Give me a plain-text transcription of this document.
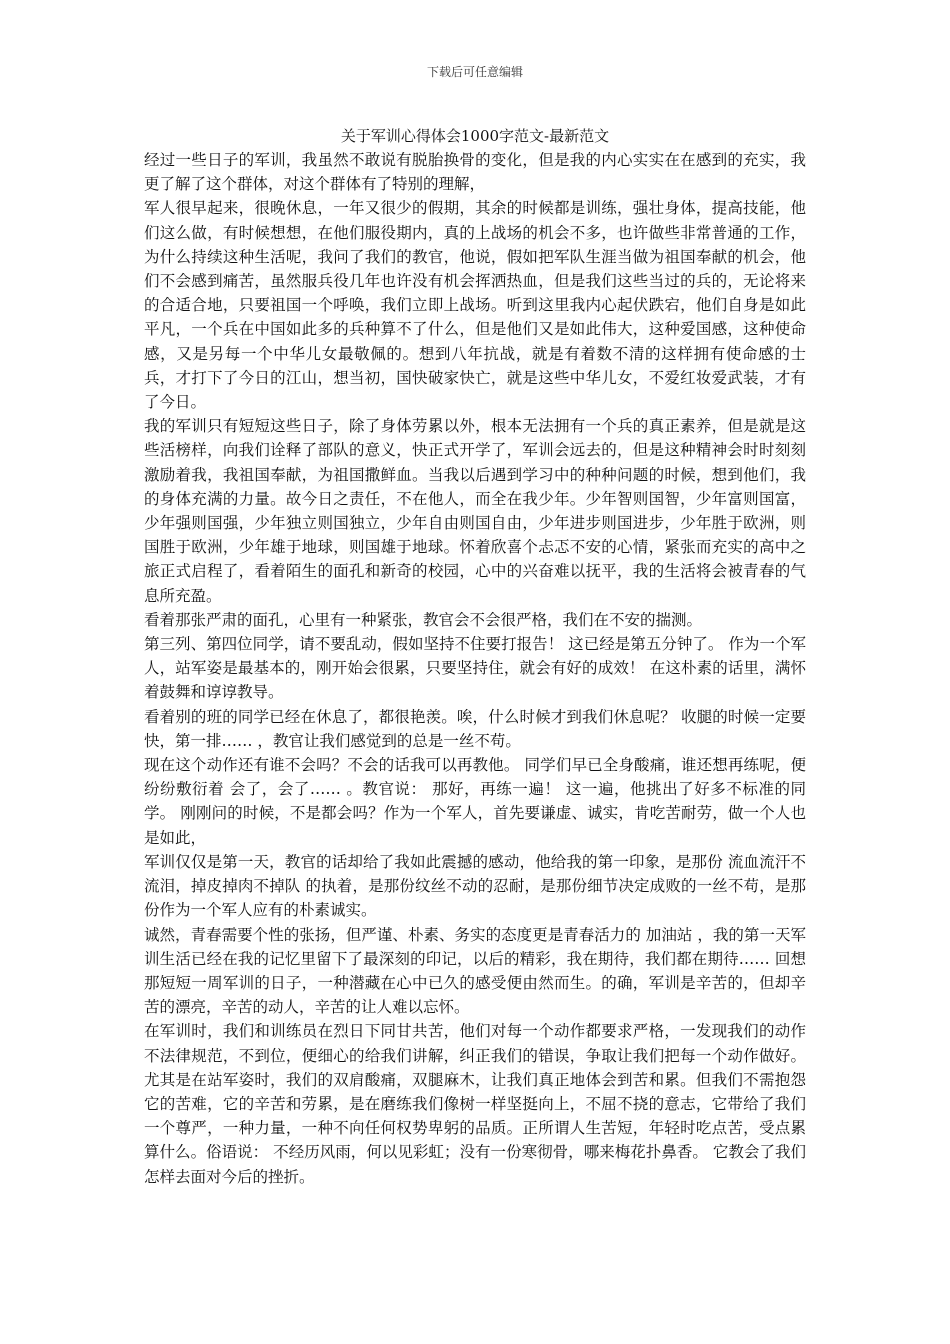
下载后可任意编辑
关于军训心得体会1000字范文-最新范文

经过一些日子的军训，我虽然不敢说有脱胎换骨的变化，但是我的内心实实在在感到的充实，我更了解了这个群体，对这个群体有了特别的理解，

军人很早起来，很晚休息，一年又很少的假期，其余的时候都是训练，强壮身体，提高技能，他们这么做，有时候想想，在他们服役期内，真的上战场的机会不多，也许做些非常普通的工作，为什么持续这种生活呢，我问了我们的教官，他说，假如把军队生涯当做为祖国奉献的机会，他们不会感到痛苦，虽然服兵役几年也许没有机会挥洒热血，但是我们这些当过的兵的，无论将来的合适合地，只要祖国一个呼唤，我们立即上战场。听到这里我内心起伏跌宕，他们自身是如此平凡，一个兵在中国如此多的兵种算不了什么，但是他们又是如此伟大，这种爱国感，这种使命感，又是另每一个中华儿女最敬佩的。想到八年抗战，就是有着数不清的这样拥有使命感的士兵，才打下了今日的江山，想当初，国快破家快亡，就是这些中华儿女，不爱红妆爱武装，才有了今日。

我的军训只有短短这些日子，除了身体劳累以外，根本无法拥有一个兵的真正素养，但是就是这些活榜样，向我们诠释了部队的意义，快正式开学了，军训会远去的，但是这种精神会时时刻刻激励着我，我祖国奉献，为祖国撒鲜血。当我以后遇到学习中的种种问题的时候，想到他们，我的身体充满的力量。故今日之责任，不在他人，而全在我少年。少年智则国智，少年富则国富，少年强则国强，少年独立则国独立，少年自由则国自由，少年进步则国进步，少年胜于欧洲，则国胜于欧洲，少年雄于地球，则国雄于地球。怀着欣喜个忐忑不安的心情，紧张而充实的高中之旅正式启程了，看着陌生的面孔和新奇的校园，心中的兴奋难以抚平，我的生活将会被青春的气息所充盈。

看着那张严肃的面孔，心里有一种紧张，教官会不会很严格，我们在不安的揣测。

第三列、第四位同学，请不要乱动，假如坚持不住要打报告！ 这已经是第五分钟了。 作为一个军人，站军姿是最基本的，刚开始会很累，只要坚持住，就会有好的成效！ 在这朴素的话里，满怀着鼓舞和谆谆教导。

看着别的班的同学已经在休息了，都很艳羡。唉，什么时候才到我们休息呢？ 收腿的时候一定要快，第一排…… ，教官让我们感觉到的总是一丝不苟。

现在这个动作还有谁不会吗？不会的话我可以再教他。 同学们早已全身酸痛，谁还想再练呢，便纷纷敷衍着 会了，会了…… 。教官说： 那好，再练一遍！ 这一遍，他挑出了好多不标准的同学。 刚刚问的时候，不是都会吗？作为一个军人，首先要谦虚、诚实，肯吃苦耐劳，做一个人也是如此，

军训仅仅是第一天，教官的话却给了我如此震撼的感动，他给我的第一印象，是那份 流血流汗不流泪，掉皮掉肉不掉队 的执着，是那份纹丝不动的忍耐，是那份细节决定成败的一丝不苟，是那份作为一个军人应有的朴素诚实。

诚然，青春需要个性的张扬，但严谨、朴素、务实的态度更是青春活力的 加油站 ，我的第一天军训生活已经在我的记忆里留下了最深刻的印记，以后的精彩，我在期待，我们都在期待…… 回想那短短一周军训的日子，一种潜藏在心中已久的感受便由然而生。的确，军训是辛苦的，但却辛苦的漂亮，辛苦的动人，辛苦的让人难以忘怀。

在军训时，我们和训练员在烈日下同甘共苦，他们对每一个动作都要求严格，一发现我们的动作不法律规范，不到位，便细心的给我们讲解，纠正我们的错误，争取让我们把每一个动作做好。尤其是在站军姿时，我们的双肩酸痛，双腿麻木，让我们真正地体会到苦和累。但我们不需抱怨它的苦难，它的辛苦和劳累，是在磨练我们像树一样坚挺向上，不屈不挠的意志，它带给了我们一个尊严，一种力量，一种不向任何权势卑躬的品质。正所谓人生苦短，年轻时吃点苦，受点累算什么。俗语说： 不经历风雨，何以见彩虹；没有一份寒彻骨，哪来梅花扑鼻香。 它教会了我们怎样去面对今后的挫折。
